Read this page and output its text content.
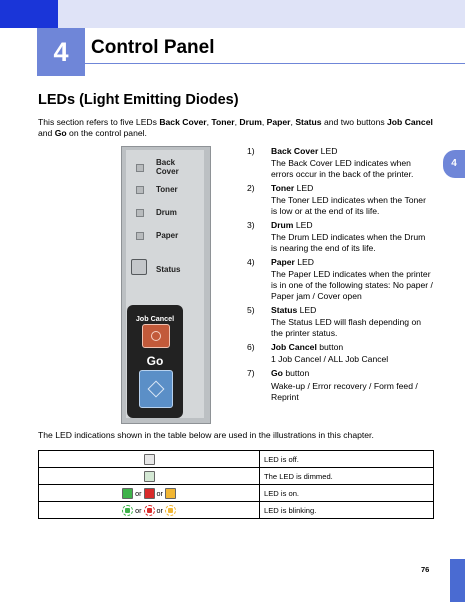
4	Control Panel
LEDs (Light Emitting Diodes)
This section refers to five LEDs Back Cover, Toner, Drum, Paper, Status and two buttons Job Cancel and Go on the control panel.
Back
Cover
Toner
Drum
Paper
Status
Job Cancel
Go
1) Back Cover LED
The Back Cover LED indicates when errors occur in the back of the printer.
2) Toner LED
The Toner LED indicates when the Toner is low or at the end of its life.
3) Drum LED
The Drum LED indicates when the Drum is nearing the end of its life.
4) Paper LED
The Paper LED indicates when the printer is in one of the following states: No paper / Paper jam / Cover open
5) Status LED
The Status LED will flash depending on the printer status.
6) Job Cancel button
1 Job Cancel / ALL Job Cancel
7) Go button
Wake-up / Error recovery / Form feed / Reprint
4
The LED indications shown in the table below are used in the illustrations in this chapter.
	LED is off.
	The LED is dimmed.
or or	LED is on.

or or	LED is blinking.
76
